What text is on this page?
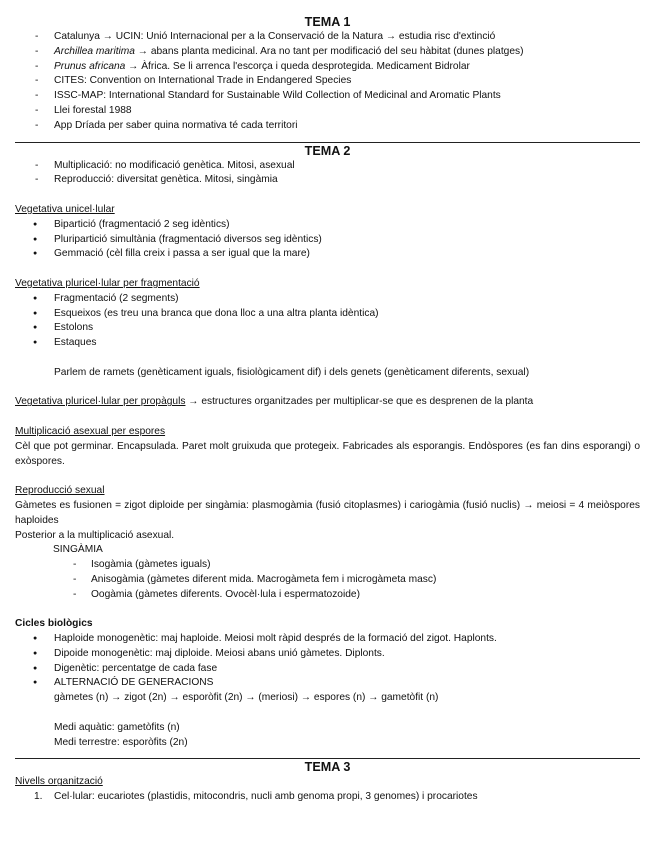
TEMA 1
- Catalunya → UCIN: Unió Internacional per a la Conservació de la Natura → estudia risc d'extinció
- Archillea maritima → abans planta medicinal. Ara no tant per modificació del seu hàbitat (dunes platges)
- Prunus africana → Àfrica. Se li arrenca l'escorça i queda desprotegida. Medicament Bidrolar
- CITES: Convention on International Trade in Endangered Species
- ISSC-MAP: International Standard for Sustainable Wild Collection of Medicinal and Aromatic Plants
- Llei forestal 1988
- App Dríada per saber quina normativa té cada territori
TEMA 2
- Multiplicació: no modificació genètica. Mitosi, asexual
- Reproducció: diversitat genètica. Mitosi, singàmia
Vegetativa unicel·lular
● Bipartició (fragmentació 2 seg idèntics)
● Pluripartició simultània (fragmentació diversos seg idèntics)
● Gemmació (cèl filla creix i passa a ser igual que la mare)
Vegetativa pluricel·lular per fragmentació
● Fragmentació (2 segments)
● Esqueixos (es treu una branca que dona lloc a una altra planta idèntica)
● Estolons
● Estaques
Parlem de ramets (genèticament iguals, fisiològicament dif) i dels genets (genèticament diferents, sexual)
Vegetativa pluricel·lular per propàguls → estructures organitzades per multiplicar-se que es desprenen de la planta
Multiplicació asexual per espores
Cèl que pot germinar. Encapsulada. Paret molt gruixuda que protegeix. Fabricades als esporangis. Endòspores (es fan dins esporangi) o exòspores.
Reproducció sexual
Gàmetes es fusionen = zigot diploide per singàmia: plasmogàmia (fusió citoplasmes) i cariogàmia (fusió nuclis) → meiosi = 4 meiòspores haploides
Posterior a la multiplicació asexual.
SINGÀMIA
- Isogàmia (gàmetes iguals)
- Anisogàmia (gàmetes diferent mida. Macrogàmeta fem i microgàmeta masc)
- Oogàmia (gàmetes diferents. Ovocèl·lula i espermatozoide)
Cicles biològics
● Haploide monogenètic: maj haploide. Meiosi molt ràpid després de la formació del zigot. Haplonts.
● Dipoide monogenètic: maj diploide. Meiosi abans unió gàmetes. Diplonts.
● Digenètic: percentatge de cada fase
● ALTERNACIÓ DE GENERACIONS
gàmetes (n) → zigot (2n) → esporòfit (2n) → (meriosi) → espores (n) → gametòfit (n)
Medi aquàtic: gametòfits (n)
Medi terrestre: esporòfits (2n)
TEMA 3
Nivells organització
1. Cel·lular: eucariotes (plastidis, mitocondris, nucli amb genoma propi, 3 genomes) i procariotes
